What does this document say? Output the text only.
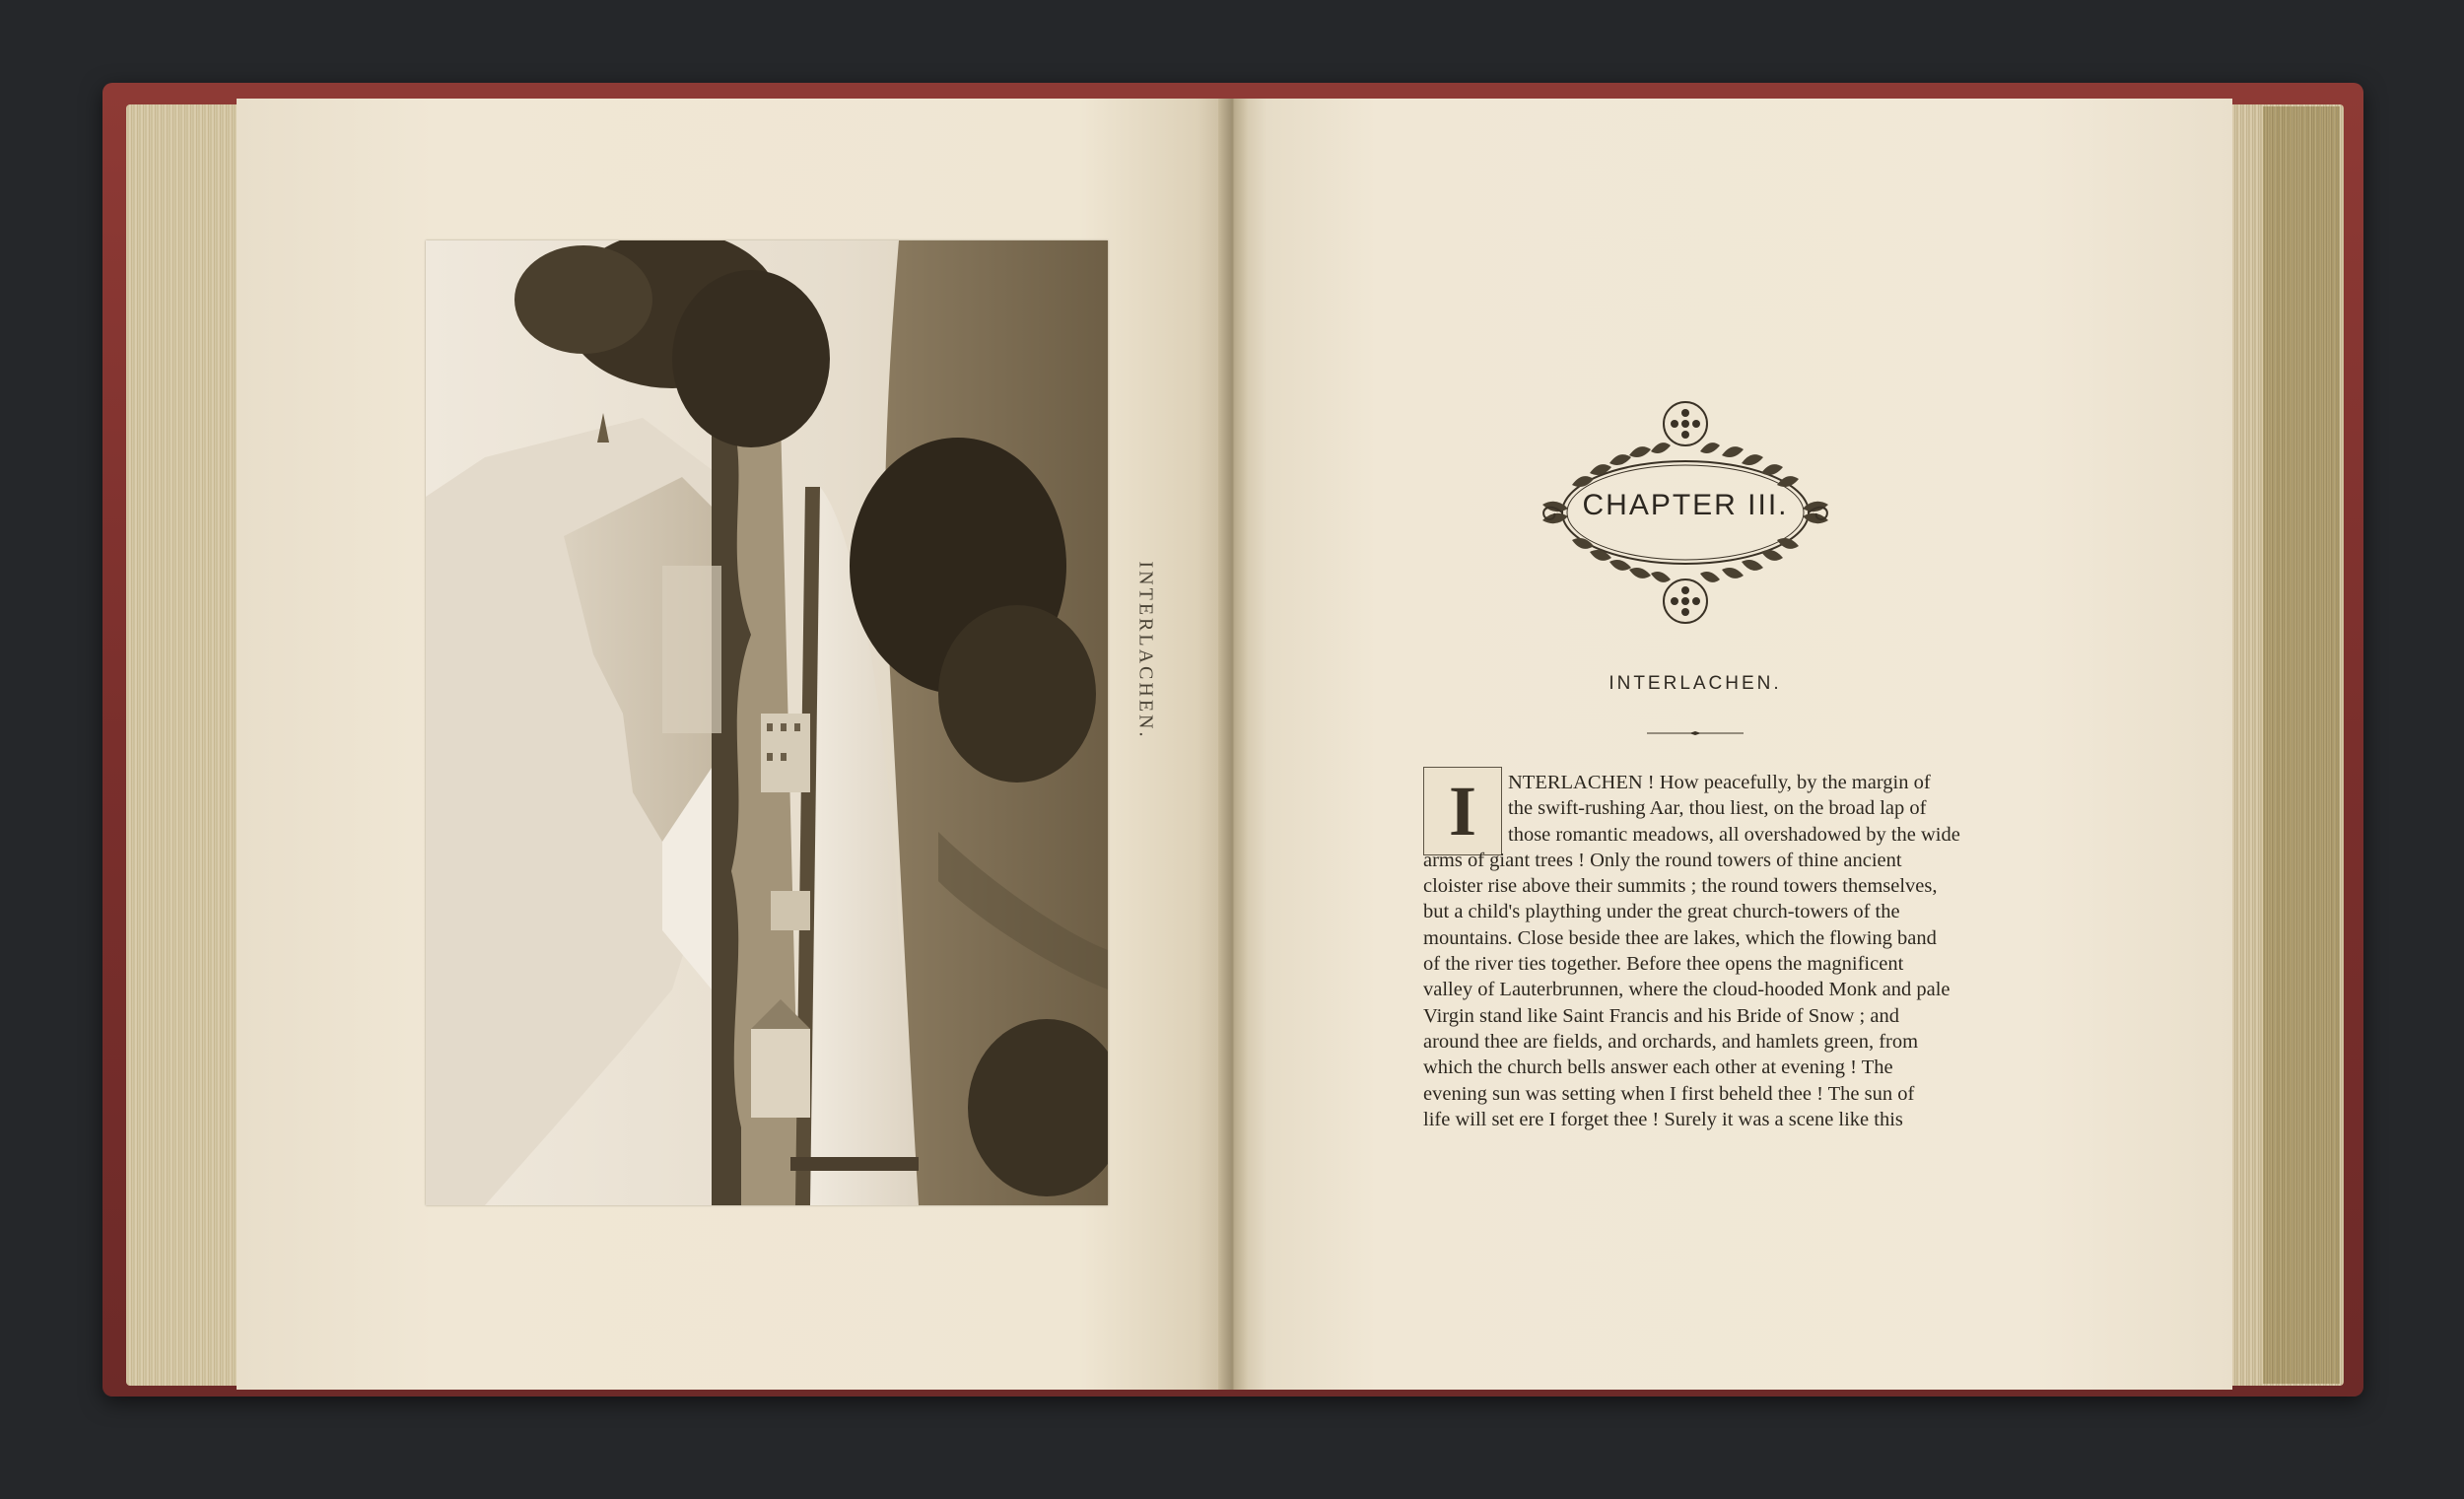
INTERLACHEN.
CHAPTER III.
INTERLACHEN.
I	NTERLACHEN ! How peacefully, by the margin of
the swift-rushing Aar, thou liest, on the broad lap of
those romantic meadows, all overshadowed by the wide
arms of giant trees ! Only the round towers of thine ancient
cloister rise above their summits ; the round towers themselves,
but a child's plaything under the great church-towers of the
mountains. Close beside thee are lakes, which the flowing band
of the river ties together. Before thee opens the magnificent
valley of Lauterbrunnen, where the cloud-hooded Monk and pale
Virgin stand like Saint Francis and his Bride of Snow ; and
around thee are fields, and orchards, and hamlets green, from
which the church bells answer each other at evening ! The
evening sun was setting when I first beheld thee ! The sun of
life will set ere I forget thee ! Surely it was a scene like this
